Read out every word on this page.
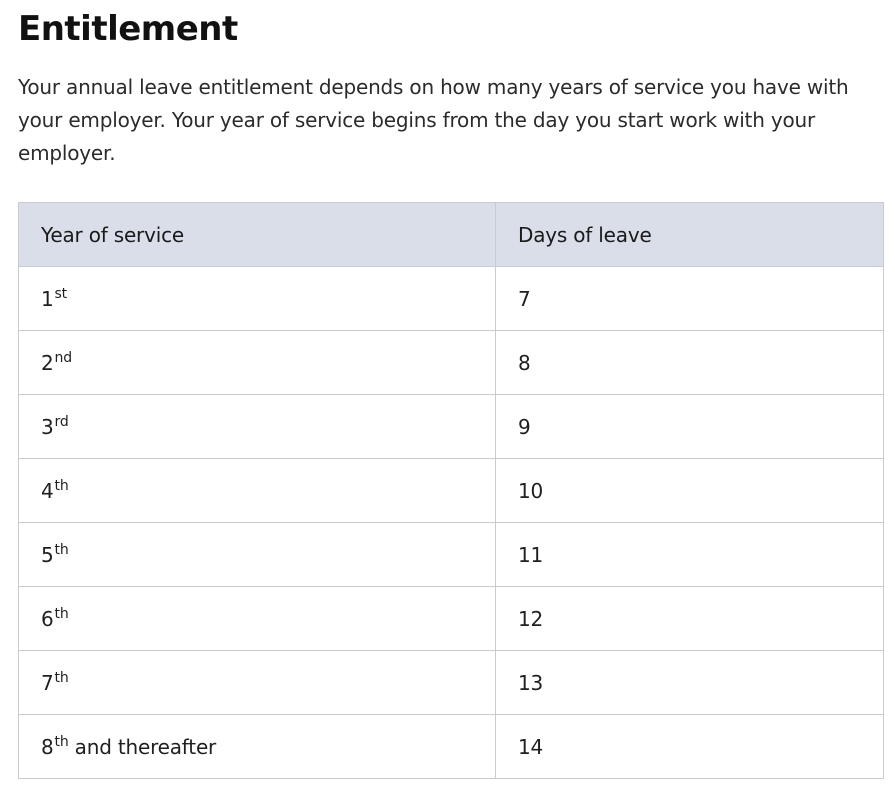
Entitlement

Your annual leave entitlement depends on how many years of service you have with your employer. Your year of service begins from the day you start work with your employer.

Year of service	Days of leave
1st	7
2nd	8
3rd	9
4th	10
5th	11
6th	12
7th	13
8th and thereafter	14
